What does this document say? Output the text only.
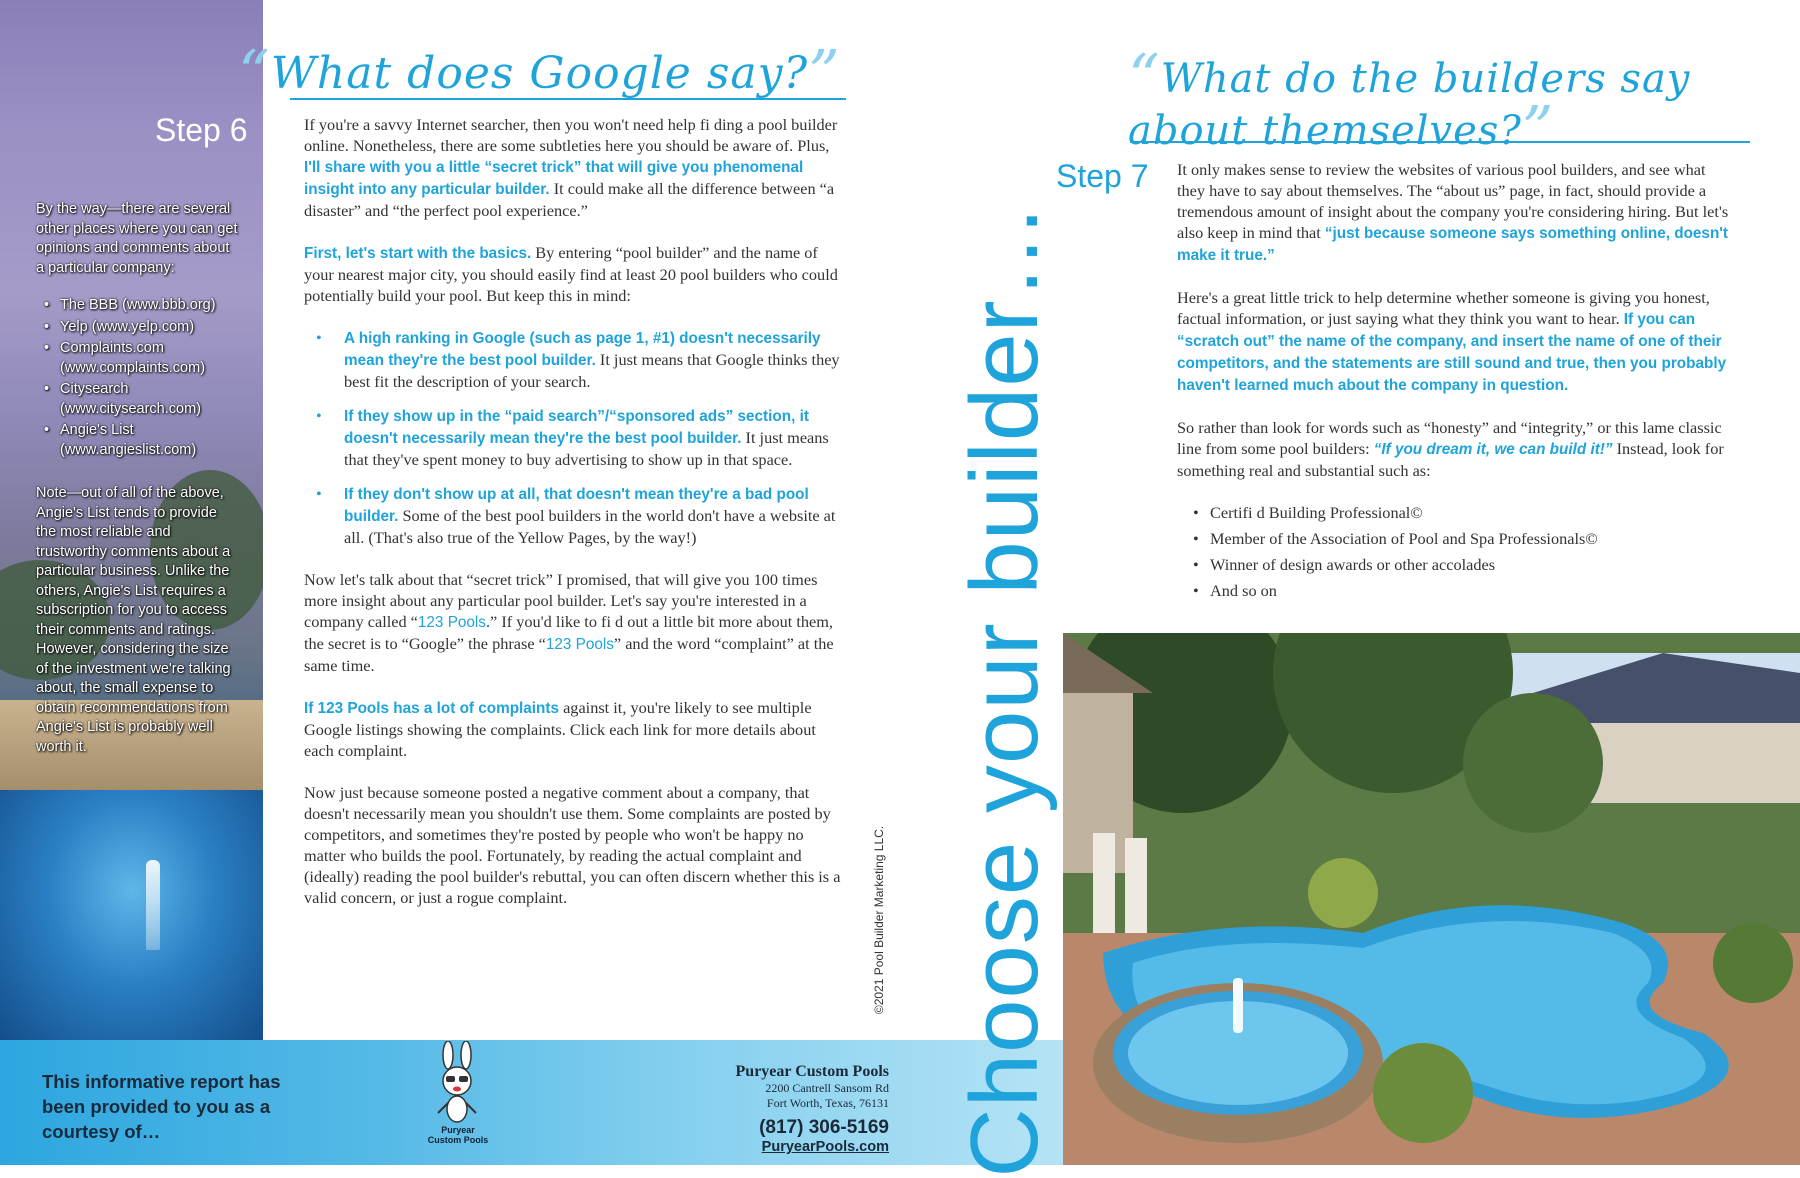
Step 6
By the way—there are several other places where you can get opinions and comments about a particular company:
• The BBB (www.bbb.org)
• Yelp (www.yelp.com)
• Complaints.com (www.complaints.com)
• Citysearch (www.citysearch.com)
• Angie's List (www.angieslist.com)
Note—out of all of the above, Angie's List tends to provide the most reliable and trustworthy comments about a particular business. Unlike the others, Angie's List requires a subscription for you to access their comments and ratings. However, considering the size of the investment we're talking about, the small expense to obtain recommendations from Angie's List is probably well worth it.
This informative report has been provided to you as a courtesy of…	Puryear Custom Pools
Puryear Custom Pools
2200 Cantrell Sansom Rd
Fort Worth, Texas, 76131
(817) 306-5169
PuryearPools.com
“What does Google say?”

If you're a savvy Internet searcher, then you won't need help fi ding a pool builder online. Nonetheless, there are some subtleties here you should be aware of. Plus, I'll share with you a little “secret trick” that will give you phenomenal insight into any particular builder. It could make all the difference between “a disaster” and “the perfect pool experience.”

First, let's start with the basics. By entering “pool builder” and the name of your nearest major city, you should easily find at least 20 pool builders who could potentially build your pool. But keep this in mind:

• A high ranking in Google (such as page 1, #1) doesn't necessarily mean they're the best pool builder. It just means that Google thinks they best fit the description of your search.
• If they show up in the “paid search”/“sponsored ads” section, it doesn't necessarily mean they're the best pool builder. It just means that they've spent money to buy advertising to show up in that space.
• If they don't show up at all, that doesn't mean they're a bad pool builder. Some of the best pool builders in the world don't have a website at all. (That's also true of the Yellow Pages, by the way!)

Now let's talk about that “secret trick” I promised, that will give you 100 times more insight about any particular pool builder. Let's say you're interested in a company called “123 Pools.” If you'd like to fi d out a little bit more about them, the secret is to “Google” the phrase “123 Pools” and the word “complaint” at the same time.

If 123 Pools has a lot of complaints against it, you're likely to see multiple Google listings showing the complaints. Click each link for more details about each complaint.

Now just because someone posted a negative comment about a company, that doesn't necessarily mean you shouldn't use them. Some complaints are posted by competitors, and sometimes they're posted by people who won't be happy no matter who builds the pool. Fortunately, by reading the actual complaint and (ideally) reading the pool builder's rebuttal, you can often discern whether this is a valid concern, or just a rogue complaint.	©2021 Pool Builder Marketing LLC. Choose your builder…
“What do the builders say about themselves?”
Step 7 It only makes sense to review the websites of various pool builders, and see what they have to say about themselves. The “about us” page, in fact, should provide a tremendous amount of insight about the company you're considering hiring. But let's also keep in mind that “just because someone says something online, doesn't make it true.”

Here's a great little trick to help determine whether someone is giving you honest, factual information, or just saying what they think you want to hear. If you can “scratch out” the name of the company, and insert the name of one of their competitors, and the statements are still sound and true, then you probably haven't learned much about the company in question.

So rather than look for words such as “honesty” and “integrity,” or this lame classic line from some pool builders: “If you dream it, we can build it!” Instead, look for something real and substantial such as:

• Certifi d Building Professional©
• Member of the Association of Pool and Spa Professionals©
• Winner of design awards or other accolades
• And so on
